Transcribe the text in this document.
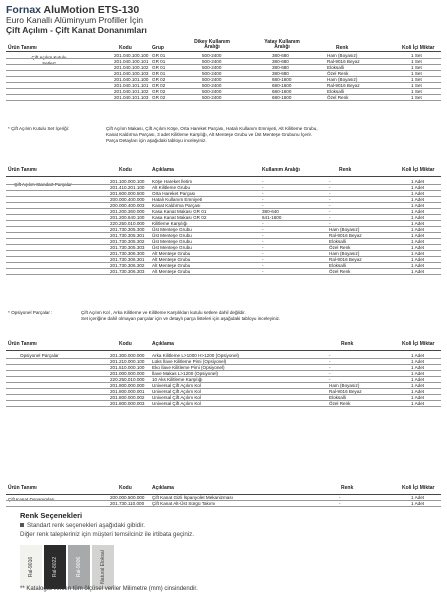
Fornax AluMotion ETS-130
Euro Kanallı Alüminyum Profiller İçin
Çift Açılım - Çift Kanat Donanımları
Ürün Tanımı	Kodu	Grup
Dikey Kullanım Aralığı
Yatay Kullanım Aralığı	Renk	Koli İçi Miktar
Çift Açılım Kutulu Setler*
201.040.100.100 GR 01	500-2400	380-680	Ham (Boyasız)	1 Set
201.040.100.101 GR 01	500-2400	380-680	Ral-9016 Beyaz	1 Set
201.040.100.102 GR 01	500-2400	380-680	Eloksalli	1 Set
201.040.100.103 GR 01	500-2400	380-680	Özel Renk	1 Set
201.040.101.100 GR 02	500-2400	680-1600	Ham (Boyasız)	1 Set
201.040.101.101 GR 02	500-2400	680-1600	Ral-9016 Beyaz	1 Set
201.040.101.102 GR 02	500-2400	680-1600	Eloksalli	1 Set
201.040.101.103 GR 02	500-2400	680-1600	Özel Renk	1 Set
* Çift Açılım Kutulu Set İçeriği:	Çift Açılım Makası, Çift Açılım Köşe, Orta Hareket Parçası, Hatalı Kullanım Emniyeti, Alt Kilitleme Grubu,
Kanat Kaldırma Parçası, 3 adet Kilitleme Karşılığı, Alt Menteşe Grubu ve Üst Menteşe Grubunu İçerir.
Parça Detayları için aşağıdaki tabloyu inceleyiniz.
Ürün Tanımı	Kodu	Açıklama	Kullanım Aralığı	Renk	Koli İçi Miktar
Çift Açılım Standart Parçalar
201.100.000.100 Köşe Hareket İletim	-	-	1 Adet
201.410.201.100 Alt Kilitleme Grubu	-	-	1 Adet
201.600.000.500 Orta Hareket Parçası	-	-	1 Adet
200.000.400.000 Hatalı Kullanım Emniyeti	-	-	1 Adet
200.000.400.003 Kanat Kaldırma Parçası	-	-	1 Adet
201.200.360.000 Kasa Kanat Makası GR 01	380-640	-	1 Adet
201.200.640.100 Kasa Kanat Makası GR 02	641-1600	-	1 Adet
220.250.010.000 Kilitleme Karşılığı	-	-	1 Adet
201.730.305.300 Üst Menteşe Grubu	-	Ham (Boyasız)	1 Adet
201.730.305.301 Üst Menteşe Grubu	-	Ral-9016 Beyaz	1 Adet
201.730.305.302 Üst Menteşe Grubu	-	Eloksalli	1 Adet
201.730.305.303 Üst Menteşe Grubu	-	Özel Renk	1 Adet
201.730.306.300 Alt Menteşe Grubu	-	Ham (Boyasız)	1 Adet
201.730.306.301 Alt Menteşe Grubu	-	Ral-9016 Beyaz	1 Adet
201.730.306.302 Alt Menteşe Grubu	-	Eloksalli	1 Adet
201.730.306.303 Alt Menteşe Grubu	-	Özel Renk	1 Adet
* Opsiyonel Parçalar :	Çift Açılım Kol , Arka Kilitleme ve Kilitleme Karşılıkları kutulu setlere dahil değildir.
Set içeriğine dahil olmayan parçalar için ve detaylı parça listeleri için aşağıdaki tabloyu inceleyiniz.
Ürün Tanımı	Kodu	Açıklama	Renk	Koli İçi Miktar
Opsiyonel Parçalar	201.300.000.000 Arka Kilitleme L>1000 H>1200 (Opsiyonel)	-	1 Adet
201.210.000.100 Lüks İlave Kilitleme Pimi (Opsiyonel)	-	1 Adet
201.510.000.100 Eko İlave Kilitleme Pimi (Opsiyonel)	-	1 Adet
201.000.000.000 İlave Makas L>1200 (Opsiyonel)	-	1 Adet
220.250.010.000 10 Aks Kilitleme Karşılığı	-	1 Adet
201.800.000.000 Universal Çift Açılım Kol	Ham (Boyasız)	1 Adet
201.800.000.001 Universal Çift Açılım Kol	Ral-9016 Beyaz	1 Adet
201.800.000.002 Universal Çift Açılım Kol	Eloksalli	1 Adet
201.800.000.003 Universal Çift Açılım Kol	Özel Renk	1 Adet
Ürün Tanımı	Kodu	Açıklama	Renk	Koli İçi Miktar
Çift Kanat Donanımları	200.000.500.000 Çift Kanat Gizli İspanyolet Mekanizması	-	1 Adet
201.730.110.000 Çift Kanat Alt-Üst Sürgü Takımı	-	1 Adet
Renk Seçenekleri
Standart renk seçenekleri aşağıdaki gibidir.
Diğer renk talepleriniz için müşteri temsilciniz ile irtibata geçiniz.
Ral-9016	Ral-8022	Ral-9006	Natural Eloksal
** Katalogta verilen tüm ölçüsel veriler Milimetre (mm) cinsindendir.
